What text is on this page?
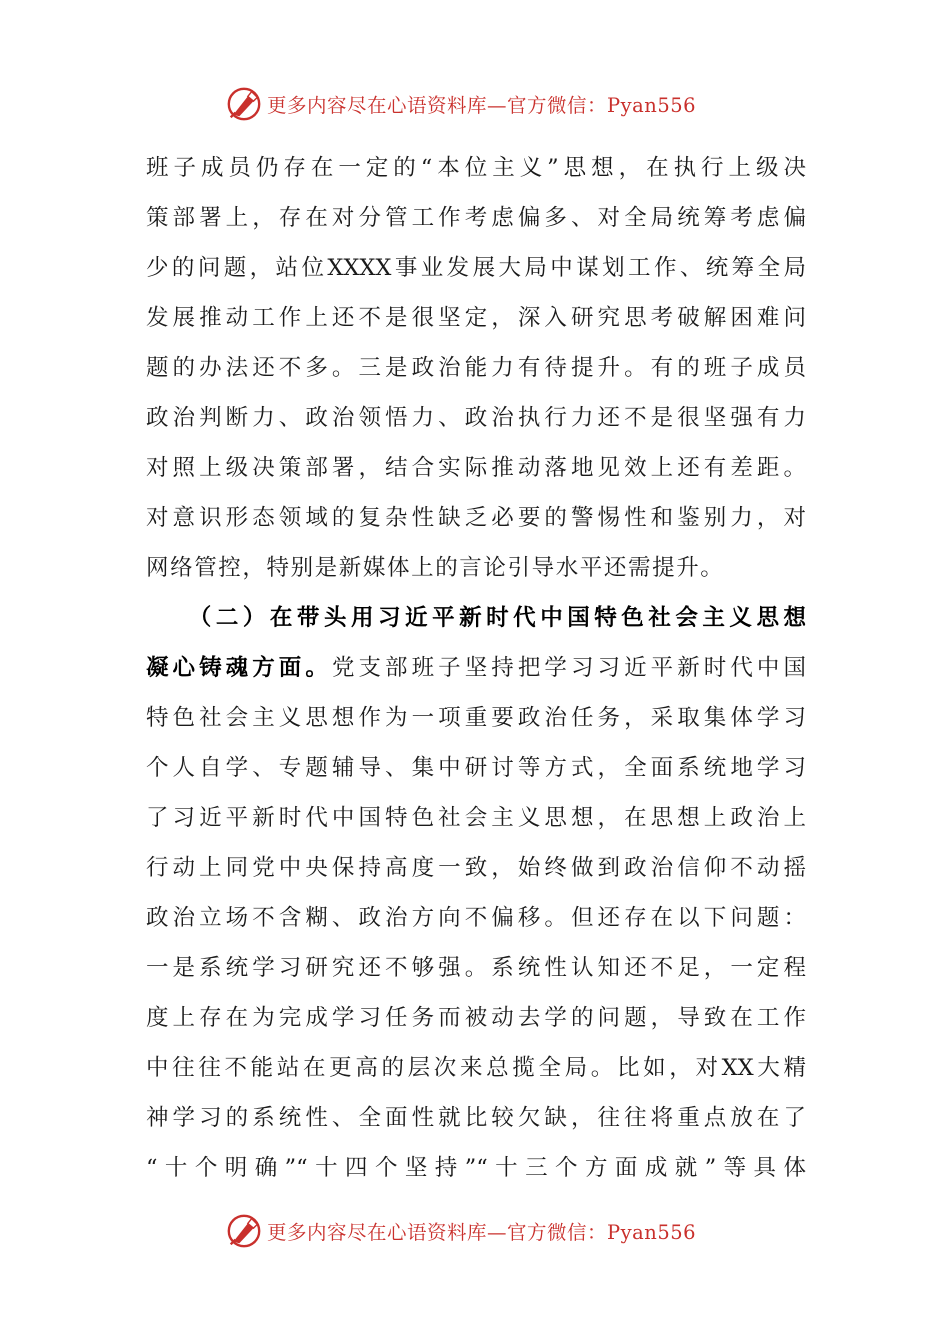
更多内容尽在心语资料库—官方微信：Pyan556
班子成员仍存在一定的“本位主义”思想，在执行上级决
策部署上，存在对分管工作考虑偏多、对全局统筹考虑偏
少的问题，站位XXXX事业发展大局中谋划工作、统筹全局
发展推动工作上还不是很坚定，深入研究思考破解困难问
题的办法还不多。三是政治能力有待提升。有的班子成员
政治判断力、政治领悟力、政治执行力还不是很坚强有力
对照上级决策部署，结合实际推动落地见效上还有差距。
对意识形态领域的复杂性缺乏必要的警惕性和鉴别力，对
网络管控，特别是新媒体上的言论引导水平还需提升。
　　（二）在带头用习近平新时代中国特色社会主义思想
凝心铸魂方面。党支部班子坚持把学习习近平新时代中国
特色社会主义思想作为一项重要政治任务，采取集体学习
个人自学、专题辅导、集中研讨等方式，全面系统地学习
了习近平新时代中国特色社会主义思想，在思想上政治上
行动上同党中央保持高度一致，始终做到政治信仰不动摇
政治立场不含糊、政治方向不偏移。但还存在以下问题：
一是系统学习研究还不够强。系统性认知还不足，一定程
度上存在为完成学习任务而被动去学的问题，导致在工作
中往往不能站在更高的层次来总揽全局。比如，对XX大精
神学习的系统性、全面性就比较欠缺，往往将重点放在了
“十个明确”“十四个坚持”“十三个方面成就”等具体
更多内容尽在心语资料库—官方微信：Pyan556
